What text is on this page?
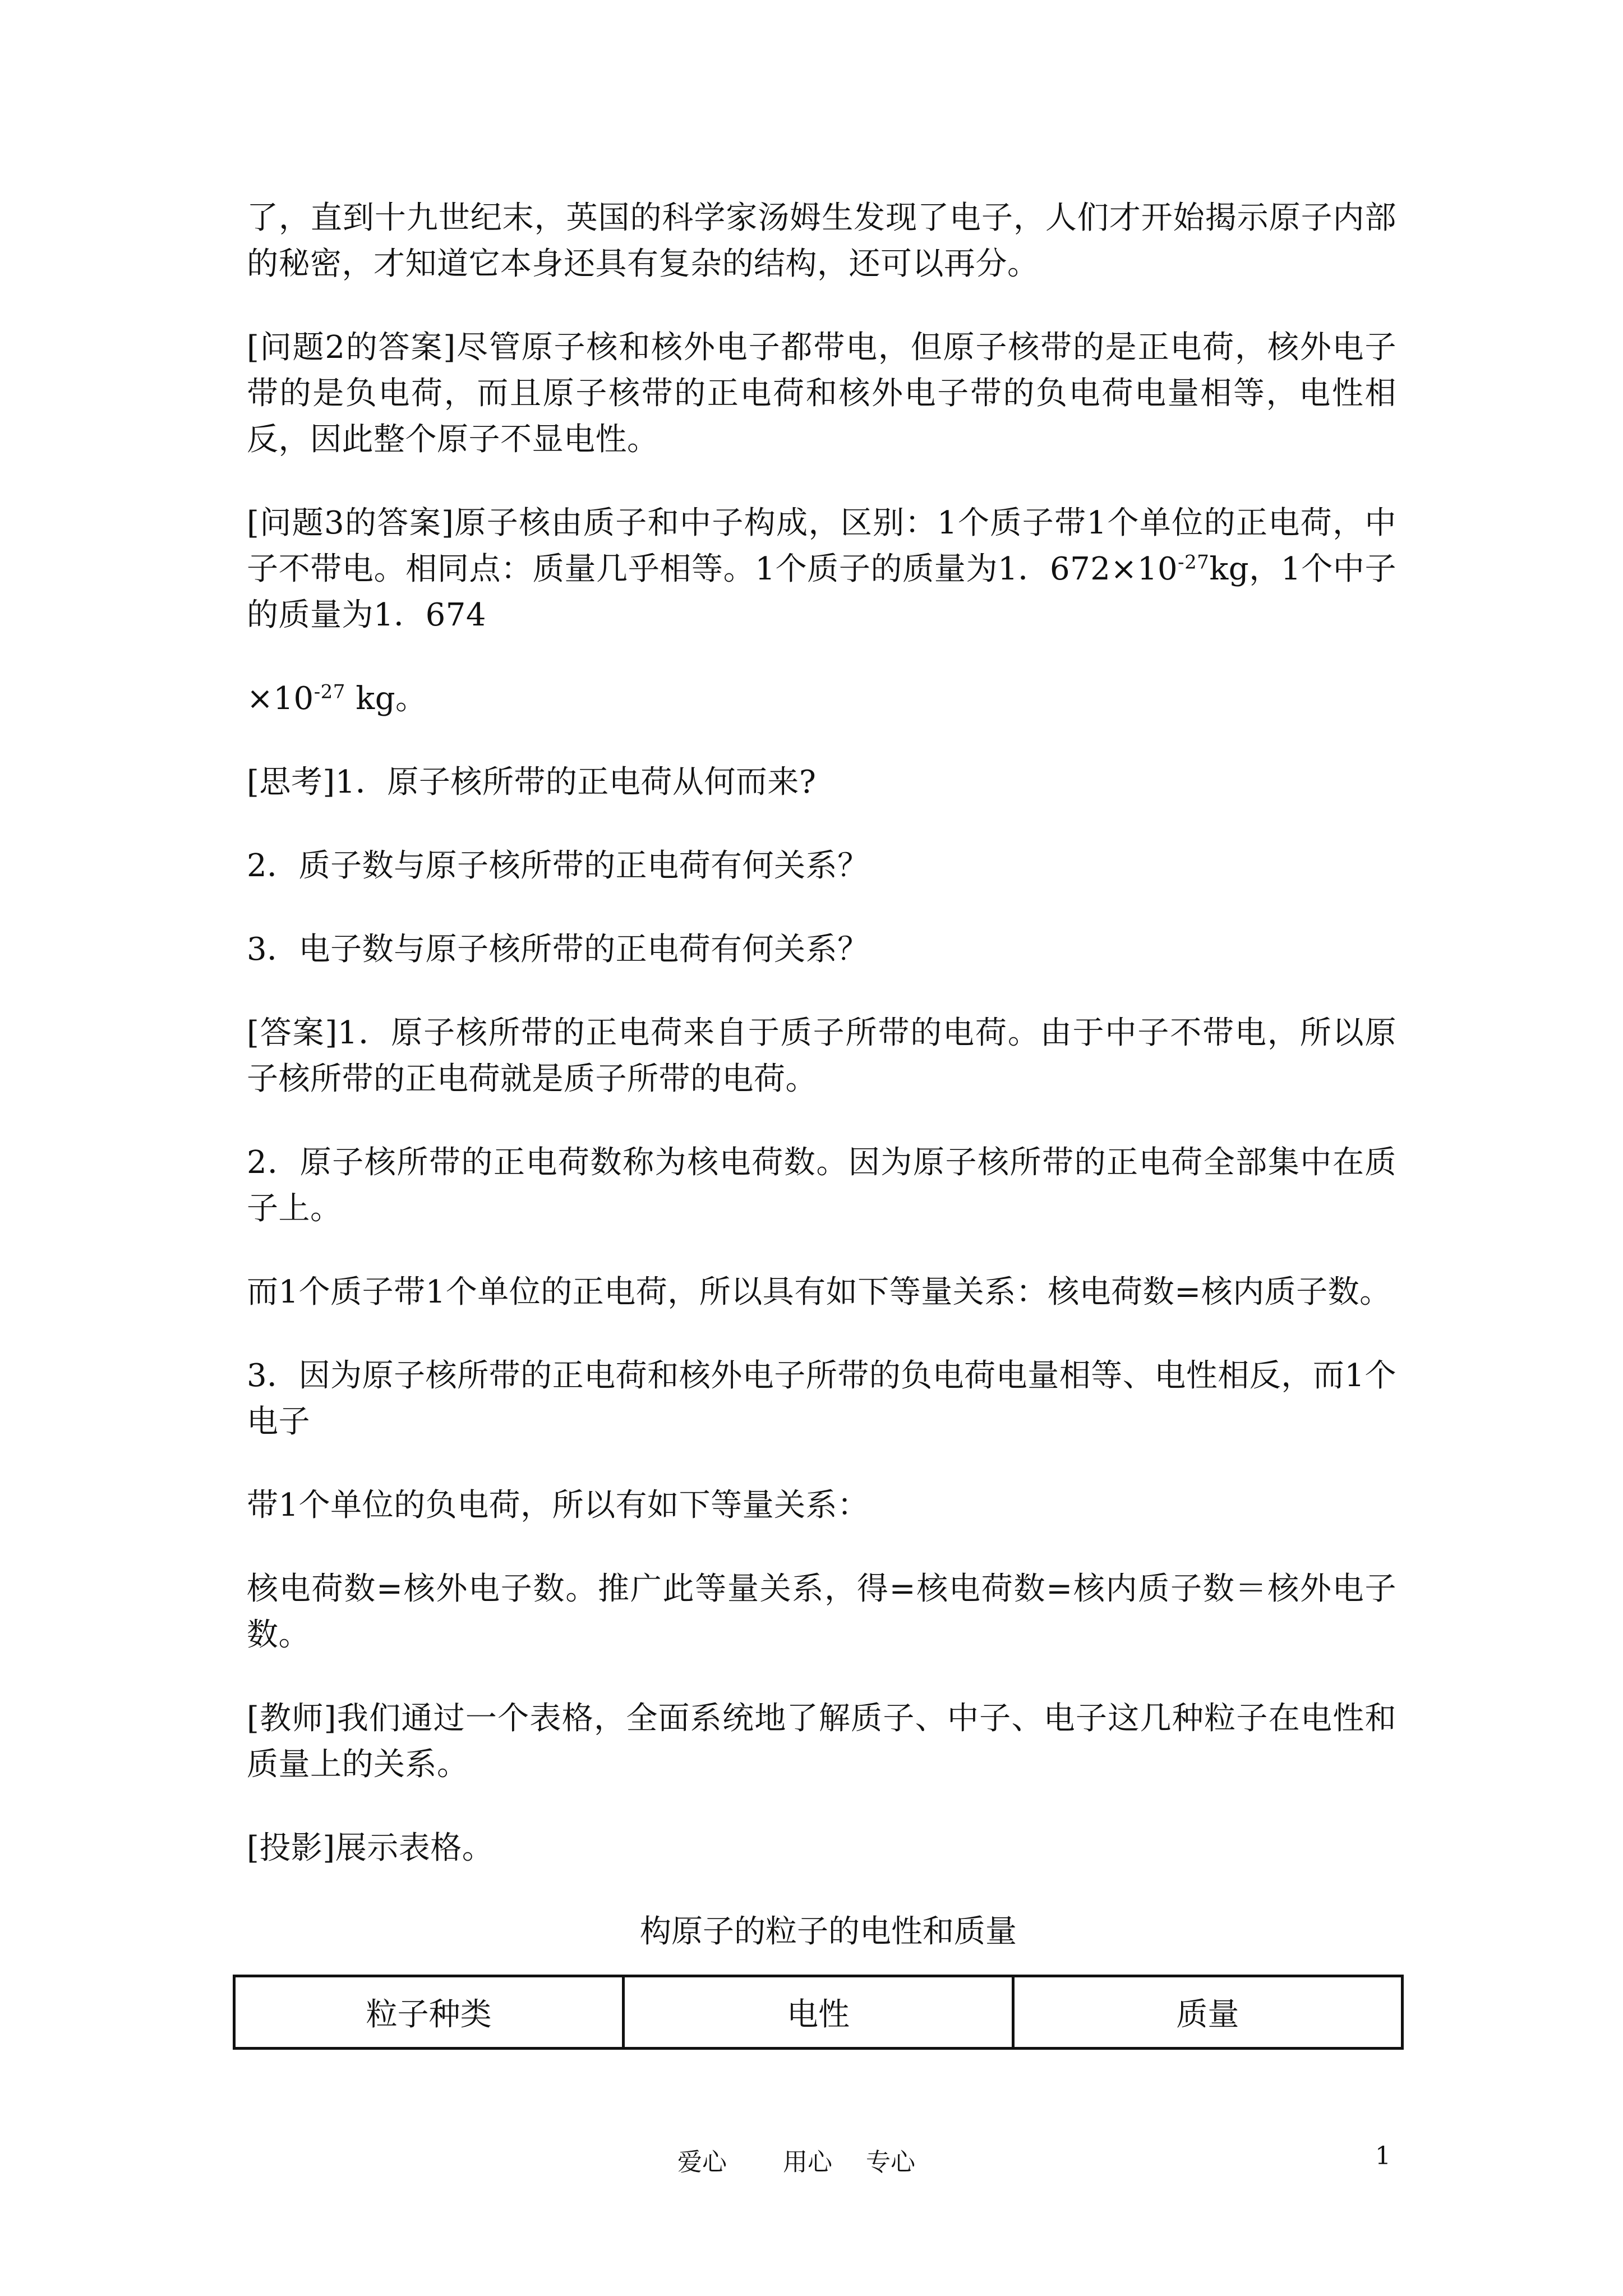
了，直到十九世纪末，英国的科学家汤姆生发现了电子，人们才开始揭示原子内部的秘密，才知道它本身还具有复杂的结构，还可以再分。

[问题2的答案]尽管原子核和核外电子都带电，但原子核带的是正电荷，核外电子带的是负电荷，而且原子核带的正电荷和核外电子带的负电荷电量相等，电性相反，因此整个原子不显电性。

[问题3的答案]原子核由质子和中子构成，区别：1个质子带1个单位的正电荷，中子不带电。相同点：质量几乎相等。1个质子的质量为1．$672\times 10^{-27}kg$，1个中子的质量为1．674

$\times 10^{-27}$ kg。

[思考]1．原子核所带的正电荷从何而来?

2．质子数与原子核所带的正电荷有何关系？

3．电子数与原子核所带的正电荷有何关系？

[答案]1．原子核所带的正电荷来自于质子所带的电荷。由于中子不带电，所以原子核所带的正电荷就是质子所带的电荷。

2．原子核所带的正电荷数称为核电荷数。因为原子核所带的正电荷全部集中在质子上。

而1个质子带1个单位的正电荷，所以具有如下等量关系：核电荷数=核内质子数。

3．因为原子核所带的正电荷和核外电子所带的负电荷电量相等、电性相反，而1个电子

带1个单位的负电荷，所以有如下等量关系：

核电荷数=核外电子数。推广此等量关系，得=核电荷数=核内质子数＝核外电子数。

[教师]我们通过一个表格，全面系统地了解质子、中子、电子这几种粒子在电性和质量上的关系。

[投影]展示表格。

构原子的粒子的电性和质量
粒子种类	电性	质量
爱心 用心 专心	1
